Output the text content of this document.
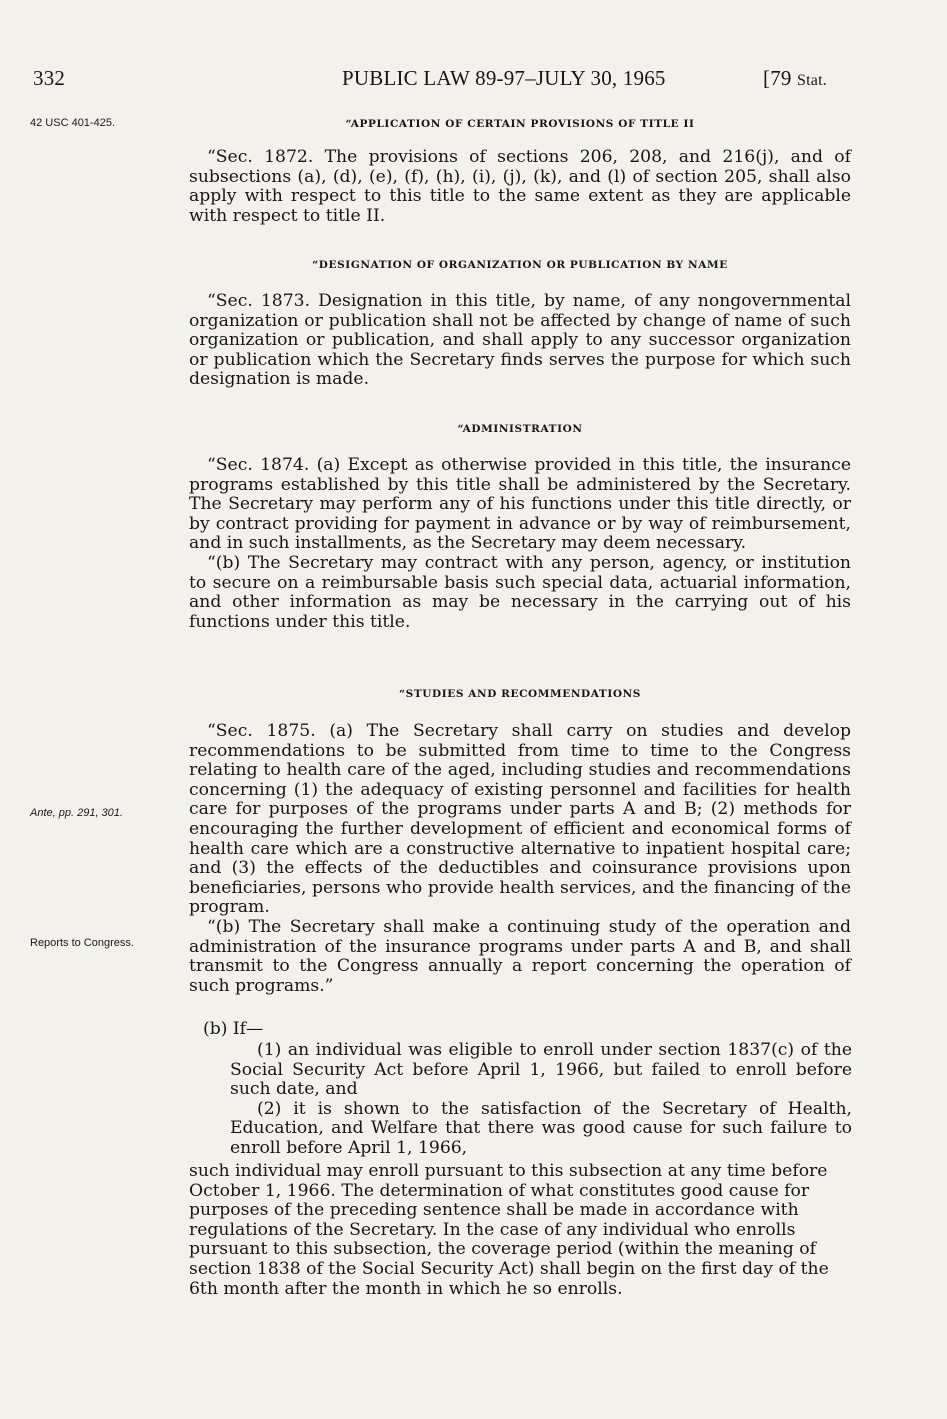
332	PUBLIC LAW 89-97–JULY 30, 1965	[79 Stat.
42 USC 401-425.
Ante, pp. 291, 301.
Reports to Congress.
“APPLICATION OF CERTAIN PROVISIONS OF TITLE II

“Sec. 1872. The provisions of sections 206, 208, and 216(j), and of subsections (a), (d), (e), (f), (h), (i), (j), (k), and (l) of section 205, shall also apply with respect to this title to the same extent as they are applicable with respect to title II.

“DESIGNATION OF ORGANIZATION OR PUBLICATION BY NAME

“Sec. 1873. Designation in this title, by name, of any nongovernmental organization or publication shall not be affected by change of name of such organization or publication, and shall apply to any successor organization or publication which the Secretary finds serves the purpose for which such designation is made.

“ADMINISTRATION

“Sec. 1874. (a) Except as otherwise provided in this title, the insurance programs established by this title shall be administered by the Secretary. The Secretary may perform any of his functions under this title directly, or by contract providing for payment in advance or by way of reimbursement, and in such installments, as the Secretary may deem necessary.

“(b) The Secretary may contract with any person, agency, or institution to secure on a reimbursable basis such special data, actuarial information, and other information as may be necessary in the carrying out of his functions under this title.

“STUDIES AND RECOMMENDATIONS

“Sec. 1875. (a) The Secretary shall carry on studies and develop recommendations to be submitted from time to time to the Congress relating to health care of the aged, including studies and recommendations concerning (1) the adequacy of existing personnel and facilities for health care for purposes of the programs under parts A and B; (2) methods for encouraging the further development of efficient and economical forms of health care which are a constructive alternative to inpatient hospital care; and (3) the effects of the deductibles and coinsurance provisions upon beneficiaries, persons who provide health services, and the financing of the program.

“(b) The Secretary shall make a continuing study of the operation and administration of the insurance programs under parts A and B, and shall transmit to the Congress annually a report concerning the operation of such programs.”

(b) If—

(1) an individual was eligible to enroll under section 1837(c) of the Social Security Act before April 1, 1966, but failed to enroll before such date, and

(2) it is shown to the satisfaction of the Secretary of Health, Education, and Welfare that there was good cause for such failure to enroll before April 1, 1966,

such individual may enroll pursuant to this subsection at any time before October 1, 1966. The determination of what constitutes good cause for purposes of the preceding sentence shall be made in accordance with regulations of the Secretary. In the case of any individual who enrolls pursuant to this subsection, the coverage period (within the meaning of section 1838 of the Social Security Act) shall begin on the first day of the 6th month after the month in which he so enrolls.
